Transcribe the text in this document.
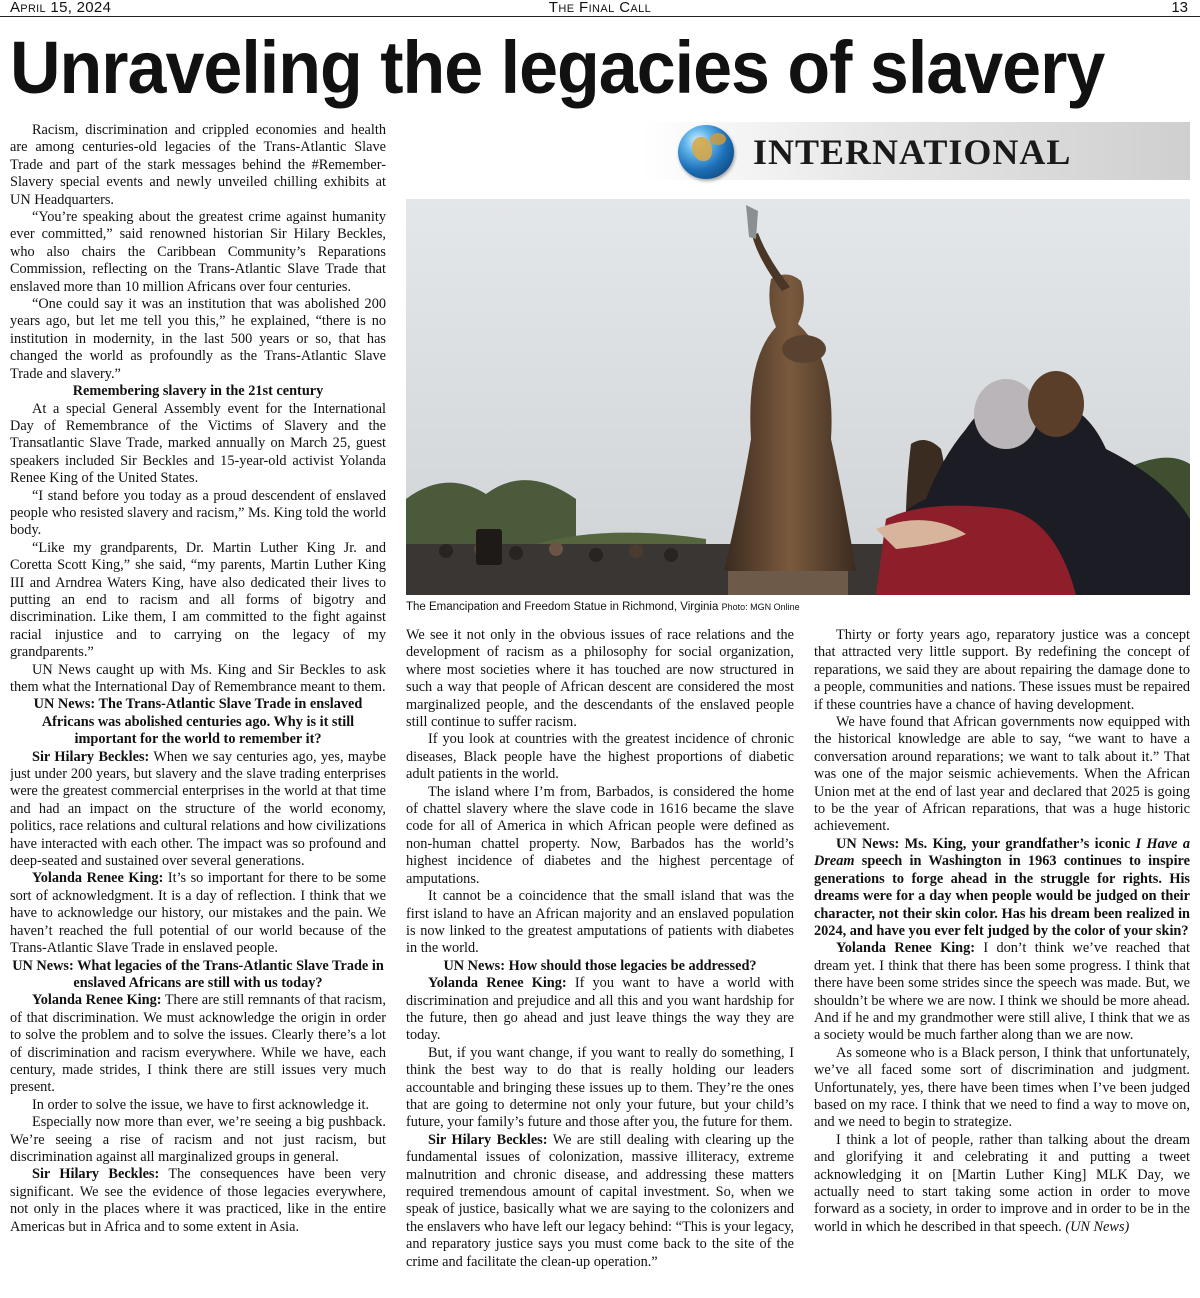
The Final Call
April 15, 2024	13
Unraveling the legacies of slavery

Racism, discrimination and crippled economies and health are among centuries-old legacies of the Trans-Atlantic Slave Trade and part of the stark messages behind the #Remember-Slavery special events and newly unveiled chilling exhibits at UN Headquarters.

“You’re speaking about the greatest crime against humanity ever committed,” said renowned historian Sir Hilary Beckles, who also chairs the Caribbean Community’s Reparations Commission, reflecting on the Trans-Atlantic Slave Trade that enslaved more than 10 million Africans over four centuries.

“One could say it was an institution that was abolished 200 years ago, but let me tell you this,” he explained, “there is no institution in modernity, in the last 500 years or so, that has changed the world as profoundly as the Trans-Atlantic Slave Trade and slavery.”

Remembering slavery in the 21st century

At a special General Assembly event for the International Day of Remembrance of the Victims of Slavery and the Transatlantic Slave Trade, marked annually on March 25, guest speakers included Sir Beckles and 15-year-old activist Yolanda Renee King of the United States.

“I stand before you today as a proud descendent of enslaved people who resisted slavery and racism,” Ms. King told the world body.

“Like my grandparents, Dr. Martin Luther King Jr. and Coretta Scott King,” she said, “my parents, Martin Luther King III and Arndrea Waters King, have also dedicated their lives to putting an end to racism and all forms of bigotry and discrimination. Like them, I am committed to the fight against racial injustice and to carrying on the legacy of my grandparents.”

UN News caught up with Ms. King and Sir Beckles to ask them what the International Day of Remembrance meant to them.

UN News: The Trans-Atlantic Slave Trade in enslaved Africans was abolished centuries ago. Why is it still important for the world to remember it?

Sir Hilary Beckles: When we say centuries ago, yes, maybe just under 200 years, but slavery and the slave trading enterprises were the greatest commercial enterprises in the world at that time and had an impact on the structure of the world economy, politics, race relations and cultural relations and how civilizations have interacted with each other. The impact was so profound and deep-seated and sustained over several generations.

Yolanda Renee King: It’s so important for there to be some sort of acknowledgment. It is a day of reflection. I think that we have to acknowledge our history, our mistakes and the pain. We haven’t reached the full potential of our world because of the Trans-Atlantic Slave Trade in enslaved people.

UN News: What legacies of the Trans-Atlantic Slave Trade in enslaved Africans are still with us today?

Yolanda Renee King: There are still remnants of that racism, of that discrimination. We must acknowledge the origin in order to solve the problem and to solve the issues. Clearly there’s a lot of discrimination and racism everywhere. While we have, each century, made strides, I think there are still issues very much present.

In order to solve the issue, we have to first acknowledge it.

Especially now more than ever, we’re seeing a big pushback. We’re seeing a rise of racism and not just racism, but discrimination against all marginalized groups in general.

Sir Hilary Beckles: The consequences have been very significant. We see the evidence of those legacies everywhere, not only in the places where it was practiced, like in the entire Americas but in Africa and to some extent in Asia.

INTERNATIONAL
The Emancipation and Freedom Statue in Richmond, Virginia Photo: MGN Online

We see it not only in the obvious issues of race relations and the development of racism as a philosophy for social organization, where most societies where it has touched are now structured in such a way that people of African descent are considered the most marginalized people, and the descendants of the enslaved people still continue to suffer racism.

If you look at countries with the greatest incidence of chronic diseases, Black people have the highest proportions of diabetic adult patients in the world.

The island where I’m from, Barbados, is considered the home of chattel slavery where the slave code in 1616 became the slave code for all of America in which African people were defined as non-human chattel property. Now, Barbados has the world’s highest incidence of diabetes and the highest percentage of amputations.

It cannot be a coincidence that the small island that was the first island to have an African majority and an enslaved population is now linked to the greatest amputations of patients with diabetes in the world.

UN News: How should those legacies be addressed?

Yolanda Renee King: If you want to have a world with discrimination and prejudice and all this and you want hardship for the future, then go ahead and just leave things the way they are today.

But, if you want change, if you want to really do something, I think the best way to do that is really holding our leaders accountable and bringing these issues up to them. They’re the ones that are going to determine not only your future, but your child’s future, your family’s future and those after you, the future for them.

Sir Hilary Beckles: We are still dealing with clearing up the fundamental issues of colonization, massive illiteracy, extreme malnutrition and chronic disease, and addressing these matters required tremendous amount of capital investment. So, when we speak of justice, basically what we are saying to the colonizers and the enslavers who have left our legacy behind: “This is your legacy, and reparatory justice says you must come back to the site of the crime and facilitate the clean-up operation.”

Thirty or forty years ago, reparatory justice was a concept that attracted very little support. By redefining the concept of reparations, we said they are about repairing the damage done to a people, communities and nations. These issues must be repaired if these countries have a chance of having development.

We have found that African governments now equipped with the historical knowledge are able to say, “we want to have a conversation around reparations; we want to talk about it.” That was one of the major seismic achievements. When the African Union met at the end of last year and declared that 2025 is going to be the year of African reparations, that was a huge historic achievement.

UN News: Ms. King, your grandfather’s iconic I Have a Dream speech in Washington in 1963 continues to inspire generations to forge ahead in the struggle for rights. His dreams were for a day when people would be judged on their character, not their skin color. Has his dream been realized in 2024, and have you ever felt judged by the color of your skin?

Yolanda Renee King: I don’t think we’ve reached that dream yet. I think that there has been some progress. I think that there have been some strides since the speech was made. But, we shouldn’t be where we are now. I think we should be more ahead. And if he and my grandmother were still alive, I think that we as a society would be much farther along than we are now.

As someone who is a Black person, I think that unfortunately, we’ve all faced some sort of discrimination and judgment. Unfortunately, yes, there have been times when I’ve been judged based on my race. I think that we need to find a way to move on, and we need to begin to strategize.

I think a lot of people, rather than talking about the dream and glorifying it and celebrating it and putting a tweet acknowledging it on [Martin Luther King] MLK Day, we actually need to start taking some action in order to move forward as a society, in order to improve and in order to be in the world in which he described in that speech. (UN News)
